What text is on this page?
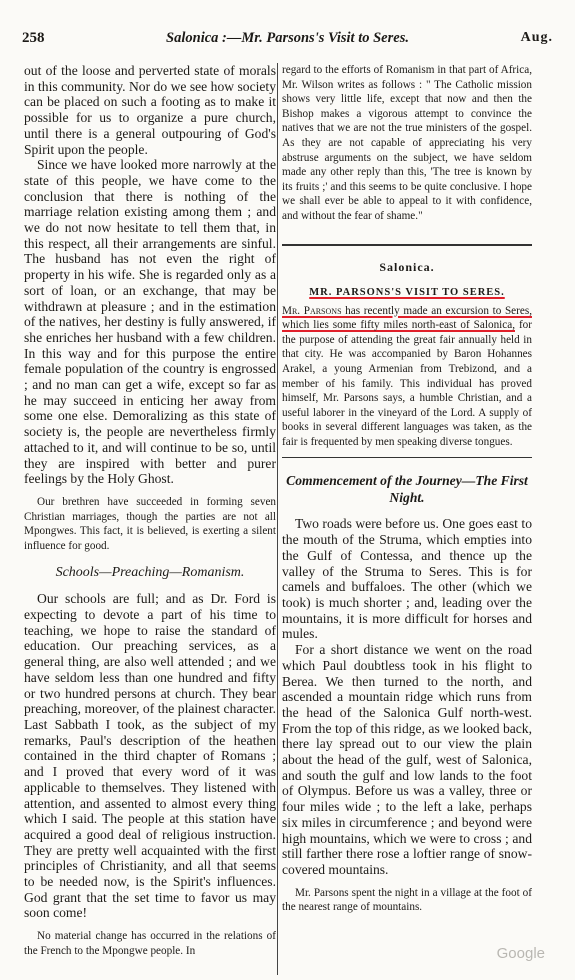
258	Salonica :—Mr. Parsons's Visit to Seres.	Aug.

out of the loose and perverted state of morals in this community. Nor do we see how society can be placed on such a footing as to make it possible for us to organize a pure church, until there is a general outpouring of God's Spirit upon the people.

Since we have looked more narrowly at the state of this people, we have come to the conclusion that there is nothing of the marriage relation existing among them ; and we do not now hesitate to tell them that, in this respect, all their arrangements are sinful. The husband has not even the right of property in his wife. She is regarded only as a sort of loan, or an exchange, that may be withdrawn at pleasure ; and in the estimation of the natives, her destiny is fully answered, if she enriches her husband with a few children. In this way and for this purpose the entire female population of the country is engrossed ; and no man can get a wife, except so far as he may succeed in enticing her away from some one else. Demoralizing as this state of society is, the people are nevertheless firmly attached to it, and will continue to be so, until they are inspired with better and purer feelings by the Holy Ghost.

Our brethren have succeeded in forming seven Christian marriages, though the parties are not all Mpongwes. This fact, it is believed, is exerting a silent influence for good.

Schools—Preaching—Romanism.

Our schools are full; and as Dr. Ford is expecting to devote a part of his time to teaching, we hope to raise the standard of education. Our preaching services, as a general thing, are also well attended ; and we have seldom less than one hundred and fifty or two hundred persons at church. They bear preaching, moreover, of the plainest character. Last Sabbath I took, as the subject of my remarks, Paul's description of the heathen contained in the third chapter of Romans ; and I proved that every word of it was applicable to themselves. They listened with attention, and assented to almost every thing which I said. The people at this station have acquired a good deal of religious instruction. They are pretty well acquainted with the first principles of Christianity, and all that seems to be needed now, is the Spirit's influences. God grant that the set time to favor us may soon come!

No material change has occurred in the relations of the French to the Mpongwe people. In

regard to the efforts of Romanism in that part of Africa, Mr. Wilson writes as follows : " The Catholic mission shows very little life, except that now and then the Bishop makes a vigorous attempt to convince the natives that we are not the true ministers of the gospel. As they are not capable of appreciating his very abstruse arguments on the subject, we have seldom made any other reply than this, 'The tree is known by its fruits ;' and this seems to be quite conclusive. I hope we shall ever be able to appeal to it with confidence, and without the fear of shame."

Salonica.
MR. PARSONS'S VISIT TO SERES.

Mr. Parsons has recently made an excursion to Seres, which lies some fifty miles north-east of Salonica, for the purpose of attending the great fair annually held in that city. He was accompanied by Baron Hohannes Arakel, a young Armenian from Trebizond, and a member of his family. This individual has proved himself, Mr. Parsons says, a humble Christian, and a useful laborer in the vineyard of the Lord. A supply of books in several different languages was taken, as the fair is frequented by men speaking diverse tongues.

Commencement of the Journey—The First Night.

Two roads were before us. One goes east to the mouth of the Struma, which empties into the Gulf of Contessa, and thence up the valley of the Struma to Seres. This is for camels and buffaloes. The other (which we took) is much shorter ; and, leading over the mountains, it is more difficult for horses and mules.

For a short distance we went on the road which Paul doubtless took in his flight to Berea. We then turned to the north, and ascended a mountain ridge which runs from the head of the Salonica Gulf north-west. From the top of this ridge, as we looked back, there lay spread out to our view the plain about the head of the gulf, west of Salonica, and south the gulf and low lands to the foot of Olympus. Before us was a valley, three or four miles wide ; to the left a lake, perhaps six miles in circumference ; and beyond were high mountains, which we were to cross ; and still farther there rose a loftier range of snow-covered mountains.

Mr. Parsons spent the night in a village at the foot of the nearest range of mountains.

Google
